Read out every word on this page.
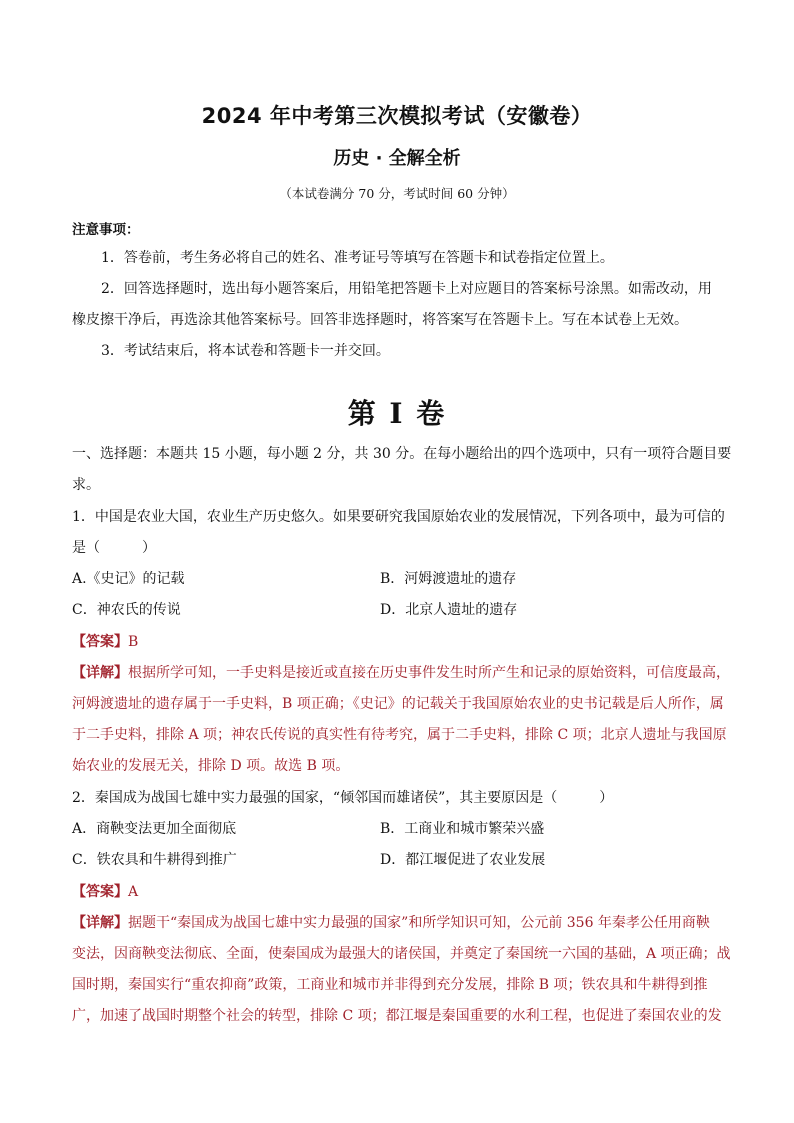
2024 年中考第三次模拟考试（安徽卷）
历史 · 全解全析
（本试卷满分 70 分，考试时间 60 分钟）
注意事项：
1．答卷前，考生务必将自己的姓名、准考证号等填写在答题卡和试卷指定位置上。
2．回答选择题时，选出每小题答案后，用铅笔把答题卡上对应题目的答案标号涂黑。如需改动，用
橡皮擦干净后，再选涂其他答案标号。回答非选择题时，将答案写在答题卡上。写在本试卷上无效。
3．考试结束后，将本试卷和答题卡一并交回。
第 I 卷
一、选择题：本题共 15 小题，每小题 2 分，共 30 分。在每小题给出的四个选项中，只有一项符合题目要
求。
1．中国是农业大国，农业生产历史悠久。如果要研究我国原始农业的发展情况，下列各项中，最为可信的
是（　　　）
A.《史记》的记载	B．河姆渡遗址的遗存
C．神农氏的传说	D．北京人遗址的遗存
【答案】B
【详解】根据所学可知，一手史料是接近或直接在历史事件发生时所产生和记录的原始资料，可信度最高，
河姆渡遗址的遗存属于一手史料，B 项正确；《史记》的记载关于我国原始农业的史书记载是后人所作，属
于二手史料，排除 A 项；神农氏传说的真实性有待考究，属于二手史料，排除 C 项；北京人遗址与我国原
始农业的发展无关，排除 D 项。故选 B 项。
2．秦国成为战国七雄中实力最强的国家，“倾邻国而雄诸侯”，其主要原因是（　　　）
A．商鞅变法更加全面彻底	B．工商业和城市繁荣兴盛
C．铁农具和牛耕得到推广	D．都江堰促进了农业发展
【答案】A
【详解】据题干“秦国成为战国七雄中实力最强的国家”和所学知识可知，公元前 356 年秦孝公任用商鞅
变法，因商鞅变法彻底、全面，使秦国成为最强大的诸侯国，并奠定了秦国统一六国的基础，A 项正确；战
国时期，秦国实行“重农抑商”政策，工商业和城市并非得到充分发展，排除 B 项；铁农具和牛耕得到推
广，加速了战国时期整个社会的转型，排除 C 项；都江堰是秦国重要的水利工程，也促进了秦国农业的发
